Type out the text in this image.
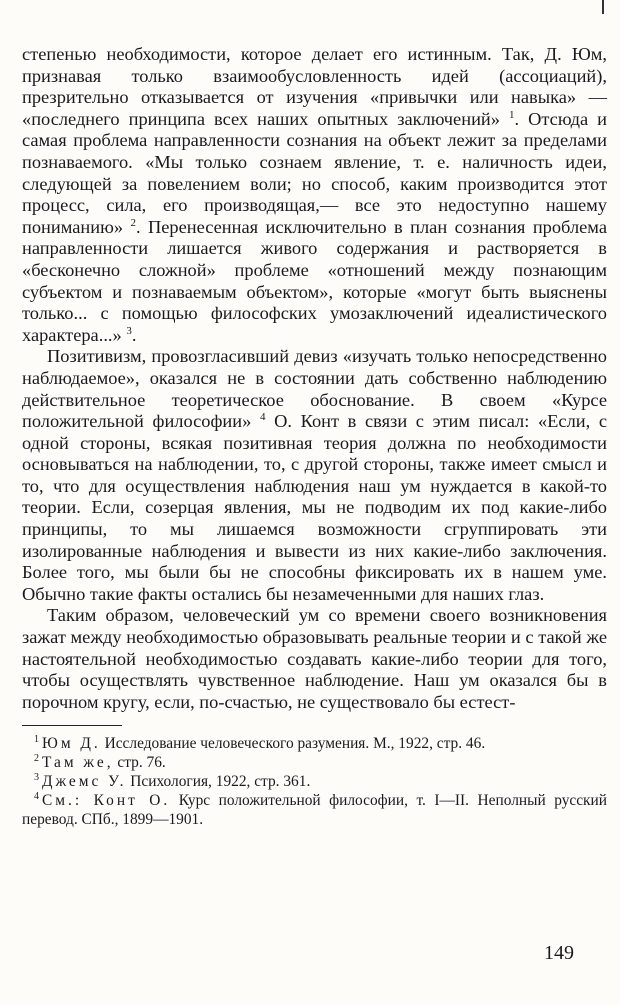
степенью необходимости, которое делает его истинным. Так, Д. Юм, признавая только взаимообусловленность идей (ассоциаций), презрительно отказывается от изучения «привычки или навыка» — «последнего принципа всех наших опытных заключений» $^1$. Отсюда и самая проблема направленности сознания на объект лежит за пределами познаваемого. «Мы только сознаем явление, т. е. наличность идеи, следующей за повелением воли; но способ, каким производится этот процесс, сила, его производящая,— все это недоступно нашему пониманию» $^2$. Перенесенная исключительно в план сознания проблема направленности лишается живого содержания и растворяется в «бесконечно сложной» проблеме «отношений между познающим субъектом и познаваемым объектом», которые «могут быть выяснены только... с помощью философских умозаключений идеалистического характера...» $^3$.

Позитивизм, провозгласивший девиз «изучать только непосредственно наблюдаемое», оказался не в состоянии дать собственно наблюдению действительное теоретическое обоснование. В своем «Курсе положительной философии» $^4$ О. Конт в связи с этим писал: «Если, с одной стороны, всякая позитивная теория должна по необходимости основываться на наблюдении, то, с другой стороны, также имеет смысл и то, что для осуществления наблюдения наш ум нуждается в какой-то теории. Если, созерцая явления, мы не подводим их под какие-либо принципы, то мы лишаемся возможности сгруппировать эти изолированные наблюдения и вывести из них какие-либо заключения. Более того, мы были бы не способны фиксировать их в нашем уме. Обычно такие факты остались бы незамеченными для наших глаз.

Таким образом, человеческий ум со времени своего возникновения зажат между необходимостью образовывать реальные теории и с такой же настоятельной необходимостью создавать какие-либо теории для того, чтобы осуществлять чувственное наблюдение. Наш ум оказался бы в порочном кругу, если, по-счастью, не существовало бы естест-

$^1$ Юм Д. Исследование человеческого разумения. М., 1922, стр. 46.

$^2$ Там же, стр. 76.

$^3$ Джемс У. Психология, 1922, стр. 361.

$^4$ См.: Конт О. Курс положительной философии, т. I—II. Неполный русский перевод. СПб., 1899—1901.

149
